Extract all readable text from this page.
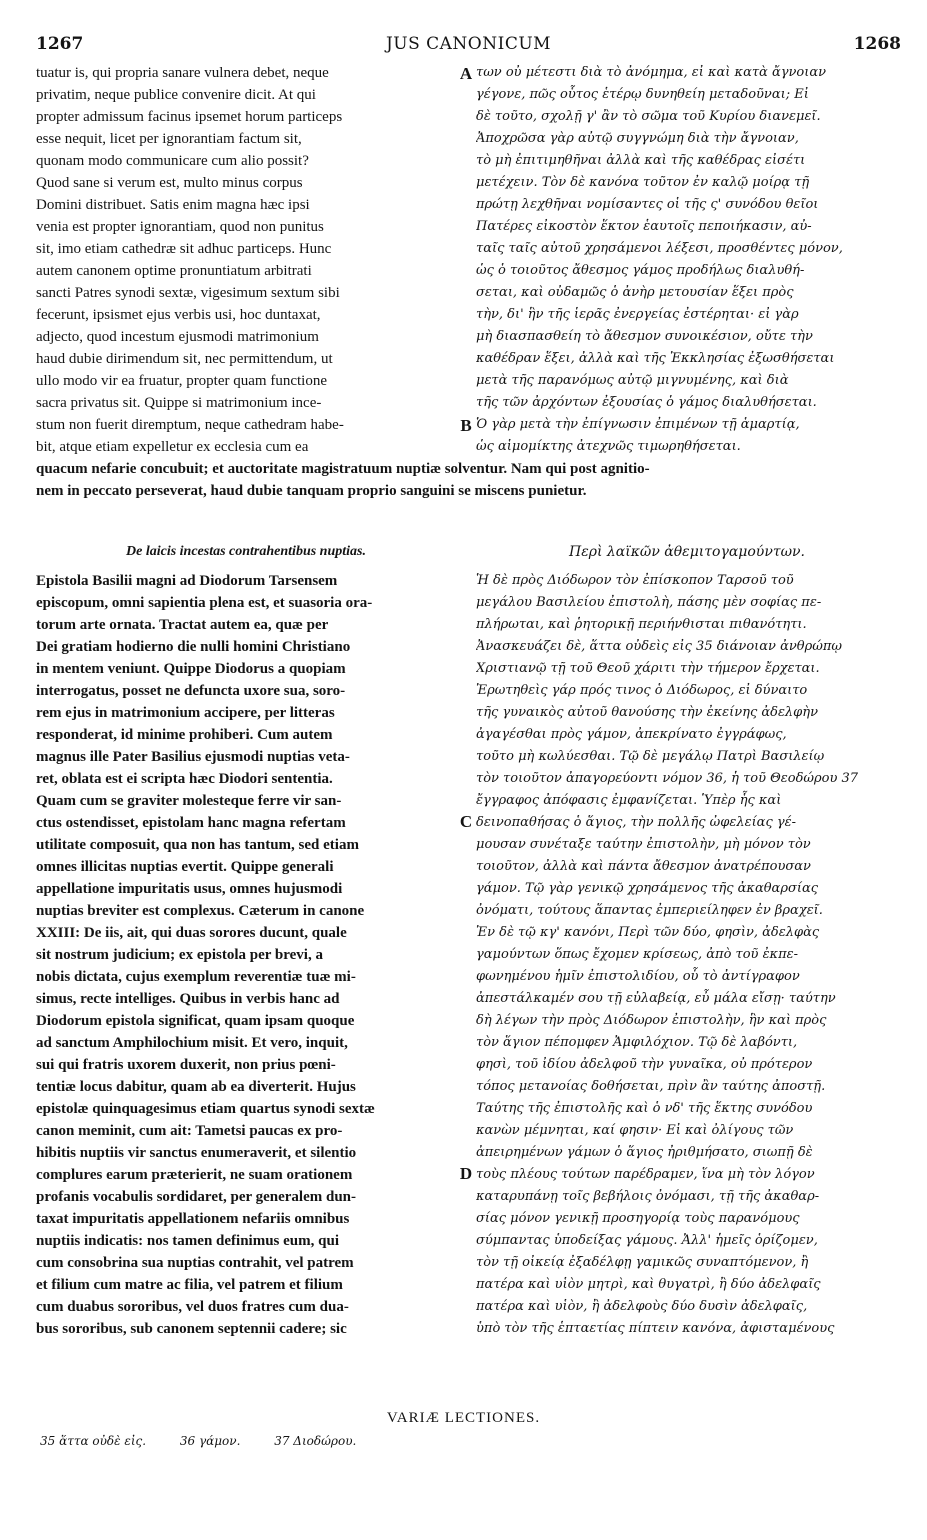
1267	JUS CANONICUM	1268
tuatur is, qui propria sanare vulnera debet, neque
privatim, neque publice convenire dicit. At qui
propter admissum facinus ipsemet horum particeps
esse nequit, licet per ignorantiam factum sit,
quonam modo communicare cum alio possit?
Quod sane si verum est, multo minus corpus
Domini distribuet. Satis enim magna hæc ipsi
venia est propter ignorantiam, quod non punitus
sit, imo etiam cathedræ sit adhuc particeps. Hunc
autem canonem optime pronuntiatum arbitrati
sancti Patres synodi sextæ, vigesimum sextum sibi
fecerunt, ipsismet ejus verbis usi, hoc duntaxat,
adjecto, quod incestum ejusmodi matrimonium
haud dubie dirimendum sit, nec permittendum, ut
ullo modo vir ea fruatur, propter quam functione
sacra privatus sit. Quippe si matrimonium ince-
stum non fuerit diremptum, neque cathedram habe-
bit, atque etiam expelletur ex ecclesia cum ea
των οὐ μέτεστι διὰ τὸ ἀνόμημα, εἰ καὶ κατὰ ἄγνοιαν
γέγονε, πῶς οὗτος ἑτέρῳ δυνηθείη μεταδοῦναι; Εἰ
δὲ τοῦτο, σχολῇ γ' ἂν τὸ σῶμα τοῦ Κυρίου διανεμεῖ.
Ἀποχρῶσα γὰρ αὐτῷ συγγνώμη διὰ τὴν ἄγνοιαν,
τὸ μὴ ἐπιτιμηθῆναι ἀλλὰ καὶ τῆς καθέδρας εἰσέτι
μετέχειν. Τὸν δὲ κανόνα τοῦτον ἐν καλῷ μοίρᾳ τῇ
πρώτῃ λεχθῆναι νομίσαντες οἱ τῆς ς' συνόδου θεῖοι
Πατέρες εἰκοστὸν ἕκτον ἑαυτοῖς πεποιήκασιν, αὐ-
ταῖς ταῖς αὐτοῦ χρησάμενοι λέξεσι, προσθέντες μόνον,
ὡς ὁ τοιοῦτος ἄθεσμος γάμος προδήλως διαλυθή-
σεται, καὶ οὐδαμῶς ὁ ἀνὴρ μετουσίαν ἕξει πρὸς
τὴν, δι' ἣν τῆς ἱερᾶς ἐνεργείας ἐστέρηται· εἰ γὰρ
μὴ διασπασθείη τὸ ἄθεσμον συνοικέσιον, οὔτε τὴν
καθέδραν ἕξει, ἀλλὰ καὶ τῆς Ἐκκλησίας ἐξωσθήσεται
μετὰ τῆς παρανόμως αὐτῷ μιγνυμένης, καὶ διὰ
τῆς τῶν ἀρχόντων ἐξουσίας ὁ γάμος διαλυθήσεται.
Ὁ γὰρ μετὰ τὴν ἐπίγνωσιν ἐπιμένων τῇ ἁμαρτίᾳ,
ὡς αἱμομίκτης ἀτεχνῶς τιμωρηθήσεται.
A
B
quacum nefarie concubuit; et auctoritate magistratuum nuptiæ solventur. Nam qui post agnitio-
nem in peccato perseverat, haud dubie tanquam proprio sanguini se miscens punietur.
De laicis incestas contrahentibus nuptias.	Περὶ λαϊκῶν ἀθεμιτογαμούντων.
Epistola Basilii magni ad Diodorum Tarsensem
episcopum, omni sapientia plena est, et suasoria ora-
torum arte ornata. Tractat autem ea, quæ per
Dei gratiam hodierno die nulli homini Christiano
in mentem veniunt. Quippe Diodorus a quopiam
interrogatus, posset ne defuncta uxore sua, soro-
rem ejus in matrimonium accipere, per litteras
responderat, id minime prohiberi. Cum autem
magnus ille Pater Basilius ejusmodi nuptias veta-
ret, oblata est ei scripta hæc Diodori sententia.
Quam cum se graviter molesteque ferre vir san-
ctus ostendisset, epistolam hanc magna refertam
utilitate composuit, qua non has tantum, sed etiam
omnes illicitas nuptias evertit. Quippe generali
appellatione impuritatis usus, omnes hujusmodi
nuptias breviter est complexus. Cæterum in canone
XXIII: De iis, ait, qui duas sorores ducunt, quale
sit nostrum judicium; ex epistola per brevi, a
nobis dictata, cujus exemplum reverentiæ tuæ mi-
simus, recte intelliges. Quibus in verbis hanc ad
Diodorum epistola significat, quam ipsam quoque
ad sanctum Amphilochium misit. Et vero, inquit,
sui qui fratris uxorem duxerit, non prius pœni-
tentiæ locus dabitur, quam ab ea diverterit. Hujus
epistolæ quinquagesimus etiam quartus synodi sextæ
canon meminit, cum ait: Tametsi paucas ex pro-
hibitis nuptiis vir sanctus enumeraverit, et silentio
complures earum præterierit, ne suam orationem
profanis vocabulis sordidaret, per generalem dun-
taxat impuritatis appellationem nefariis omnibus
nuptiis indicatis: nos tamen definimus eum, qui
cum consobrina sua nuptias contrahit, vel patrem
et filium cum matre ac filia, vel patrem et filium
cum duabus sororibus, vel duos fratres cum dua-
bus sororibus, sub canonem septennii cadere; sic
Ἡ δὲ πρὸς Διόδωρον τὸν ἐπίσκοπον Ταρσοῦ τοῦ
μεγάλου Βασιλείου ἐπιστολὴ, πάσης μὲν σοφίας πε-
πλήρωται, καὶ ῥητορικῇ περιήνθισται πιθανότητι.
Ἀνασκευάζει δὲ, ἅττα οὐδεὶς εἰς 35 διάνοιαν ἀνθρώπῳ
Χριστιανῷ τῇ τοῦ Θεοῦ χάριτι τὴν τήμερον ἔρχεται.
Ἐρωτηθεὶς γάρ πρός τινος ὁ Διόδωρος, εἰ δύναιτο
τῆς γυναικὸς αὐτοῦ θανούσης τὴν ἐκείνης ἀδελφὴν
ἀγαγέσθαι πρὸς γάμον, ἀπεκρίνατο ἐγγράφως,
τοῦτο μὴ κωλύεσθαι. Τῷ δὲ μεγάλῳ Πατρὶ Βασιλείῳ
τὸν τοιοῦτον ἀπαγορεύοντι νόμον 36, ἡ τοῦ Θεοδώρου 37
ἔγγραφος ἀπόφασις ἐμφανίζεται. Ὑπὲρ ἧς καὶ
δεινοπαθήσας ὁ ἅγιος, τὴν πολλῆς ὠφελείας γέ-
μουσαν συνέταξε ταύτην ἐπιστολὴν, μὴ μόνον τὸν
τοιοῦτον, ἀλλὰ καὶ πάντα ἄθεσμον ἀνατρέπουσαν
γάμον. Τῷ γὰρ γενικῷ χρησάμενος τῆς ἀκαθαρσίας
ὀνόματι, τούτους ἅπαντας ἐμπεριείληφεν ἐν βραχεῖ.
Ἐν δὲ τῷ κγ' κανόνι, Περὶ τῶν δύο, φησὶν, ἀδελφὰς
γαμούντων ὅπως ἔχομεν κρίσεως, ἀπὸ τοῦ ἐκπε-
φωνημένου ἡμῖν ἐπιστολιδίου, οὗ τὸ ἀντίγραφον
ἀπεστάλκαμέν σου τῇ εὐλαβείᾳ, εὖ μάλα εἴσῃ· ταύτην
δὴ λέγων τὴν πρὸς Διόδωρον ἐπιστολὴν, ἣν καὶ πρὸς
τὸν ἅγιον πέπομφεν Ἀμφιλόχιον. Τῷ δὲ λαβόντι,
φησὶ, τοῦ ἰδίου ἀδελφοῦ τὴν γυναῖκα, οὐ πρότερον
τόπος μετανοίας δοθήσεται, πρὶν ἂν ταύτης ἀποστῇ.
Ταύτης τῆς ἐπιστολῆς καὶ ὁ νδ' τῆς ἕκτης συνόδου
κανὼν μέμνηται, καί φησιν· Εἰ καὶ ὀλίγους τῶν
ἀπειρημένων γάμων ὁ ἅγιος ἠριθμήσατο, σιωπῇ δὲ
τοὺς πλέους τούτων παρέδραμεν, ἵνα μὴ τὸν λόγον
καταρυπάνῃ τοῖς βεβήλοις ὀνόμασι, τῇ τῆς ἀκαθαρ-
σίας μόνον γενικῇ προσηγορίᾳ τοὺς παρανόμους
σύμπαντας ὑποδείξας γάμους. Ἀλλ' ἡμεῖς ὁρίζομεν,
τὸν τῇ οἰκείᾳ ἐξαδέλφῃ γαμικῶς συναπτόμενον, ἢ
πατέρα καὶ υἱὸν μητρὶ, καὶ θυγατρὶ, ἢ δύο ἀδελφαῖς
πατέρα καὶ υἱὸν, ἢ ἀδελφοὺς δύο δυσὶν ἀδελφαῖς,
ὑπὸ τὸν τῆς ἑπταετίας πίπτειν κανόνα, ἀφισταμένους
C
D
VARIÆ LECTIONES.
35 ἅττα οὐδὲ εἰς.	36 γάμον.	37 Διοδώρου.
